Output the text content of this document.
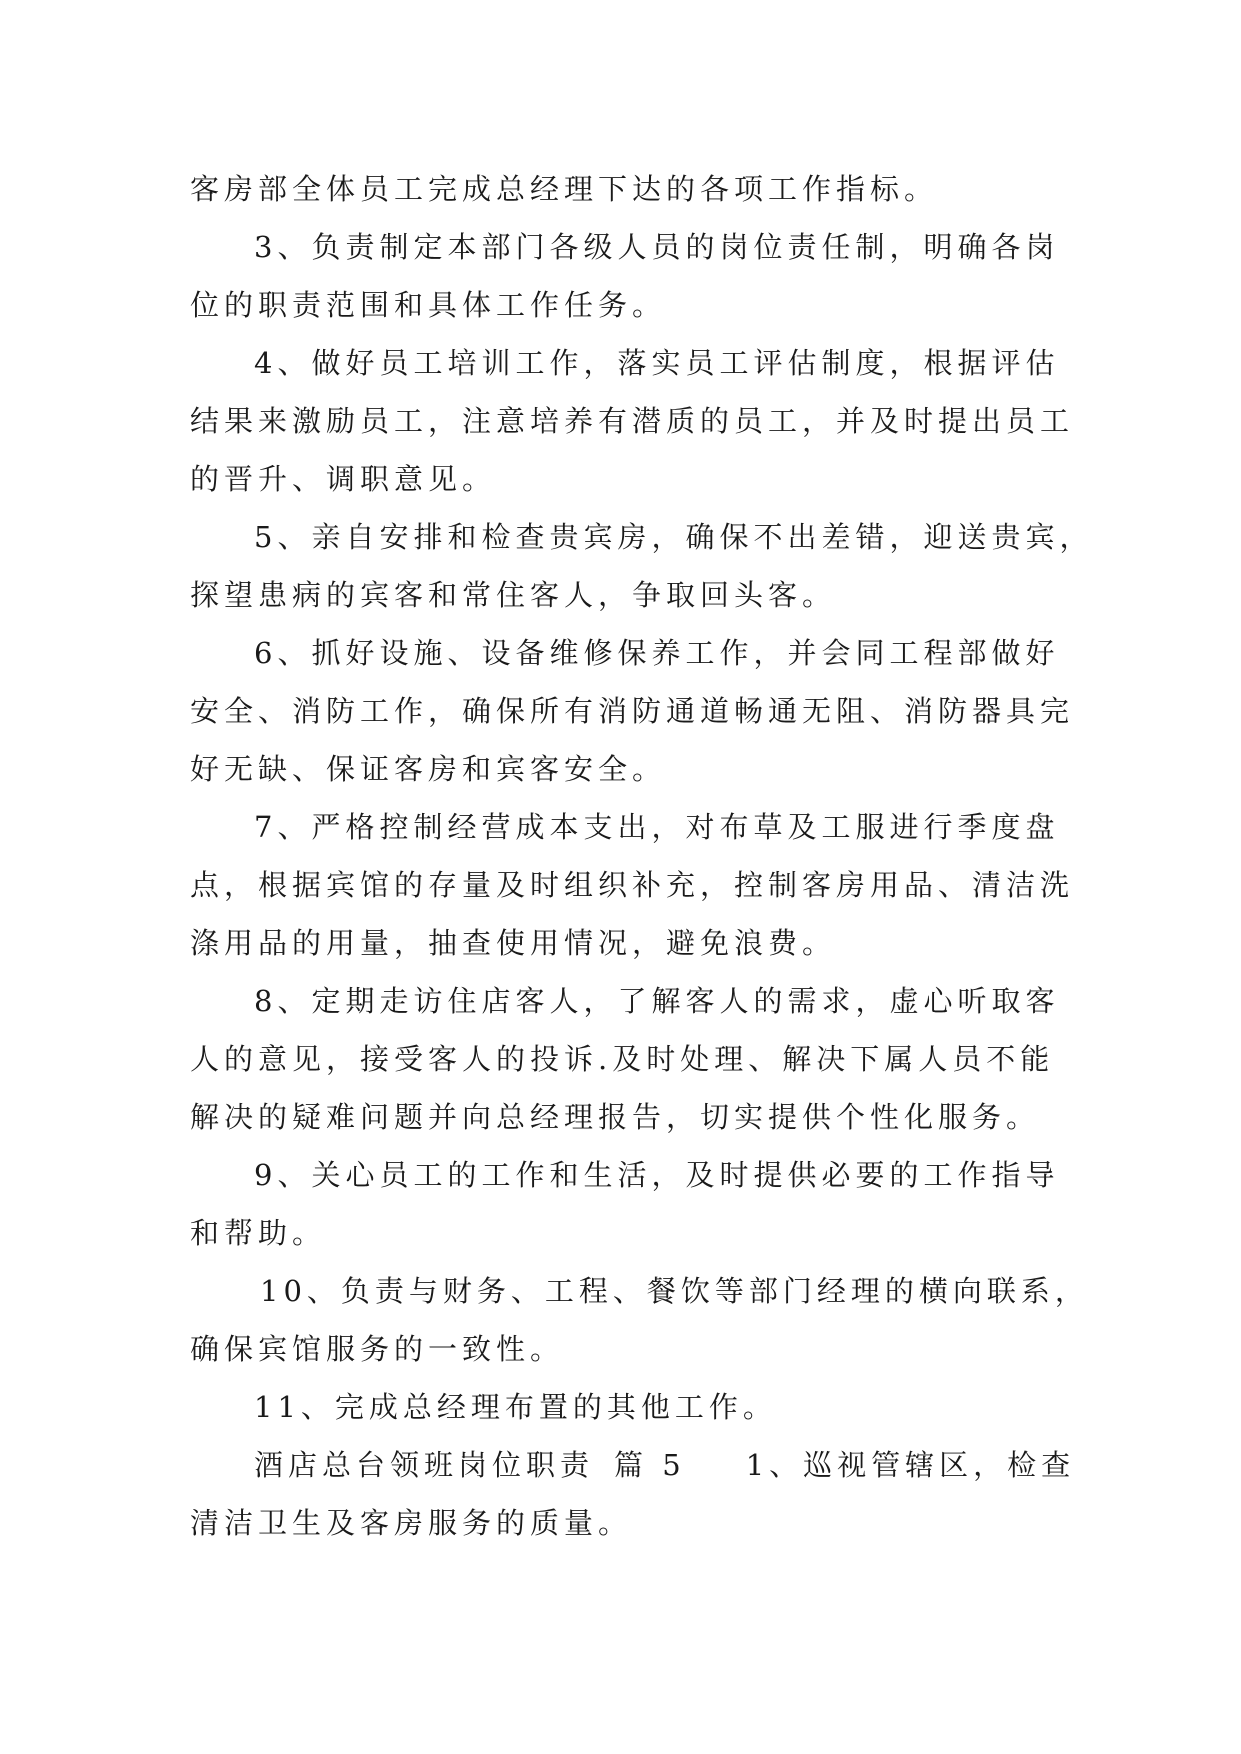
客房部全体员工完成总经理下达的各项工作指标。
3、负责制定本部门各级人员的岗位责任制，明确各岗
位的职责范围和具体工作任务。
4、做好员工培训工作，落实员工评估制度，根据评估
结果来激励员工，注意培养有潜质的员工，并及时提出员工
的晋升、调职意见。
5、亲自安排和检查贵宾房，确保不出差错，迎送贵宾，
探望患病的宾客和常住客人，争取回头客。
6、抓好设施、设备维修保养工作，并会同工程部做好
安全、消防工作，确保所有消防通道畅通无阻、消防器具完
好无缺、保证客房和宾客安全。
7、严格控制经营成本支出，对布草及工服进行季度盘
点，根据宾馆的存量及时组织补充，控制客房用品、清洁洗
涤用品的用量，抽查使用情况，避免浪费。
8、定期走访住店客人，了解客人的需求，虚心听取客
人的意见，接受客人的投诉.及时处理、解决下属人员不能
解决的疑难问题并向总经理报告，切实提供个性化服务。
9、关心员工的工作和生活，及时提供必要的工作指导
和帮助。
10、负责与财务、工程、餐饮等部门经理的横向联系，
确保宾馆服务的一致性。
11、完成总经理布置的其他工作。
酒店总台领班岗位职责 篇 5 1、巡视管辖区，检查
清洁卫生及客房服务的质量。
